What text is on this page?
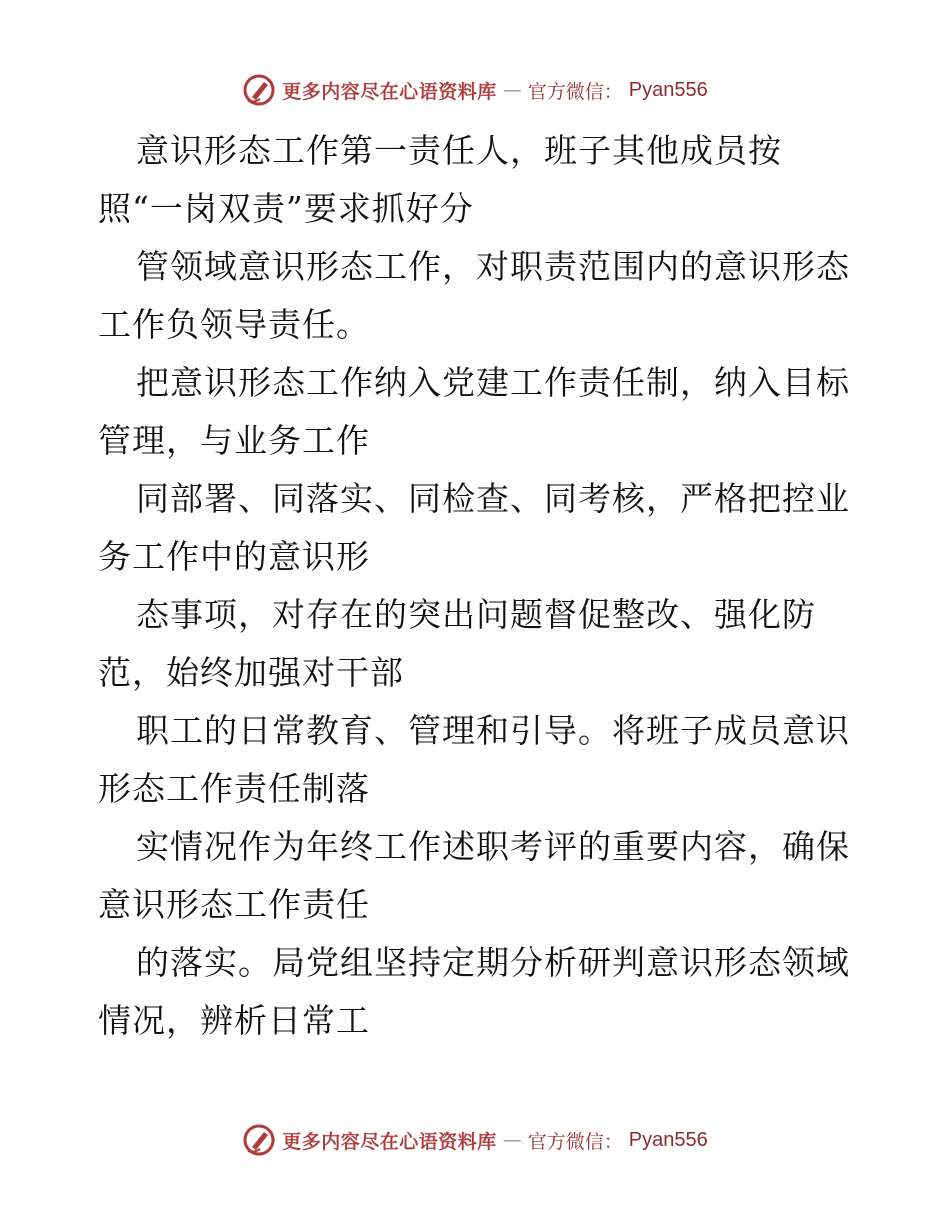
更多内容尽在心语资料库 — 官方微信： Pyan556

意识形态工作第一责任人，班子其他成员按
照“一岗双责”要求抓好分

管领域意识形态工作，对职责范围内的意识形态
工作负领导责任。

把意识形态工作纳入党建工作责任制，纳入目标
管理，与业务工作

同部署、同落实、同检查、同考核，严格把控业
务工作中的意识形

态事项，对存在的突出问题督促整改、强化防
范，始终加强对干部

职工的日常教育、管理和引导。将班子成员意识
形态工作责任制落

实情况作为年终工作述职考评的重要内容，确保
意识形态工作责任

的落实。局党组坚持定期分析研判意识形态领域
情况，辨析日常工

更多内容尽在心语资料库 — 官方微信： Pyan556
